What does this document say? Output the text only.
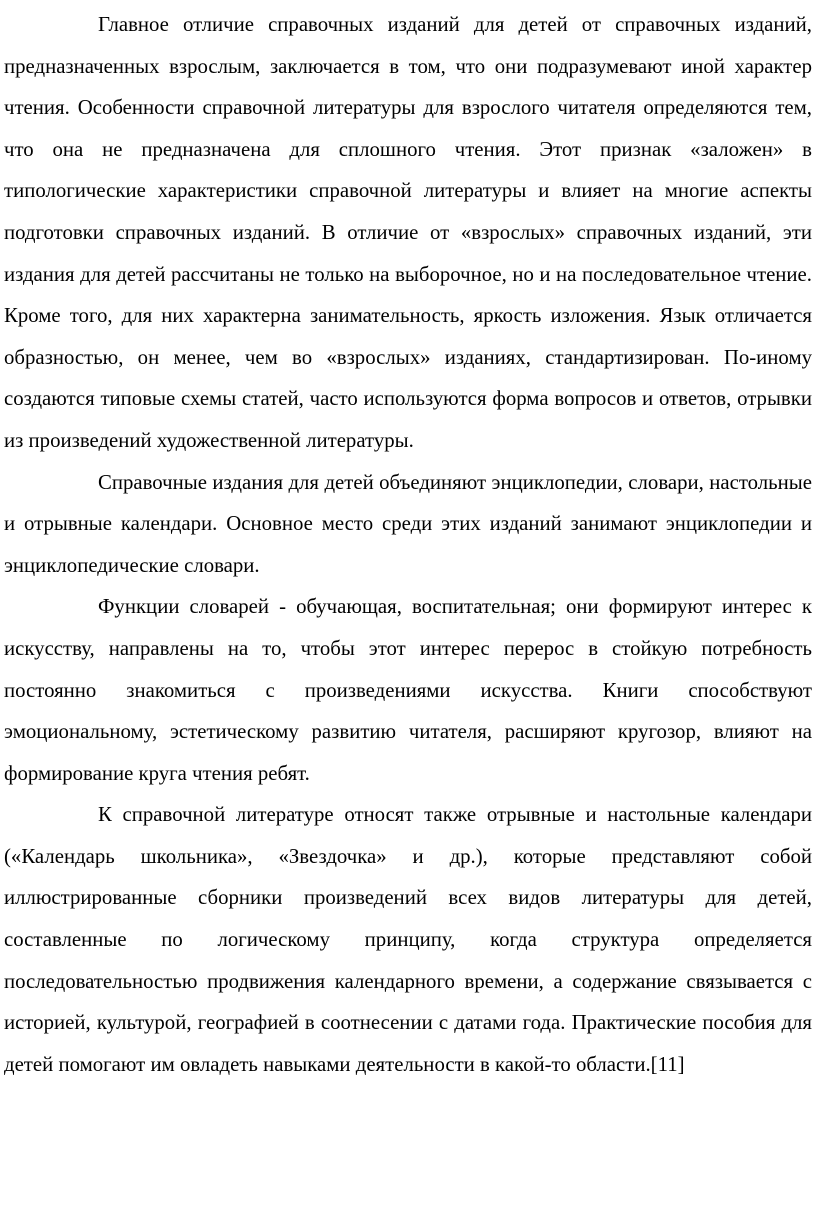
Главное отличие справочных изданий для детей от справочных изданий, предназначенных взрослым, заключается в том, что они подразумевают иной характер чтения. Особенности справочной литературы для взрослого читателя определяются тем, что она не предназначена для сплошного чтения. Этот признак «заложен» в типологические характеристики справочной литературы и влияет на многие аспекты подготовки справочных изданий. В отличие от «взрослых» справочных изданий, эти издания для детей рассчитаны не только на выборочное, но и на последовательное чтение. Кроме того, для них характерна занимательность, яркость изложения. Язык отличается образностью, он менее, чем во «взрослых» изданиях, стандартизирован. По-иному создаются типовые схемы статей, часто используются форма вопросов и ответов, отрывки из произведений художественной литературы.

Справочные издания для детей объединяют энциклопедии, словари, настольные и отрывные календари. Основное место среди этих изданий занимают энциклопедии и энциклопедические словари.

Функции словарей - обучающая, воспитательная; они формируют интерес к искусству, направлены на то, чтобы этот интерес перерос в стойкую потребность постоянно знакомиться с произведениями искусства. Книги способствуют эмоциональному, эстетическому развитию читателя, расширяют кругозор, влияют на формирование круга чтения ребят.

К справочной литературе относят также отрывные и настольные календари («Календарь школьника», «Звездочка» и др.), которые представляют собой иллюстрированные сборники произведений всех видов литературы для детей, составленные по логическому принципу, когда структура определяется последовательностью продвижения календарного времени, а содержание связывается с историей, культурой, географией в соотнесении с датами года. Практические пособия для детей помогают им овладеть навыками деятельности в какой-то области.[11]
